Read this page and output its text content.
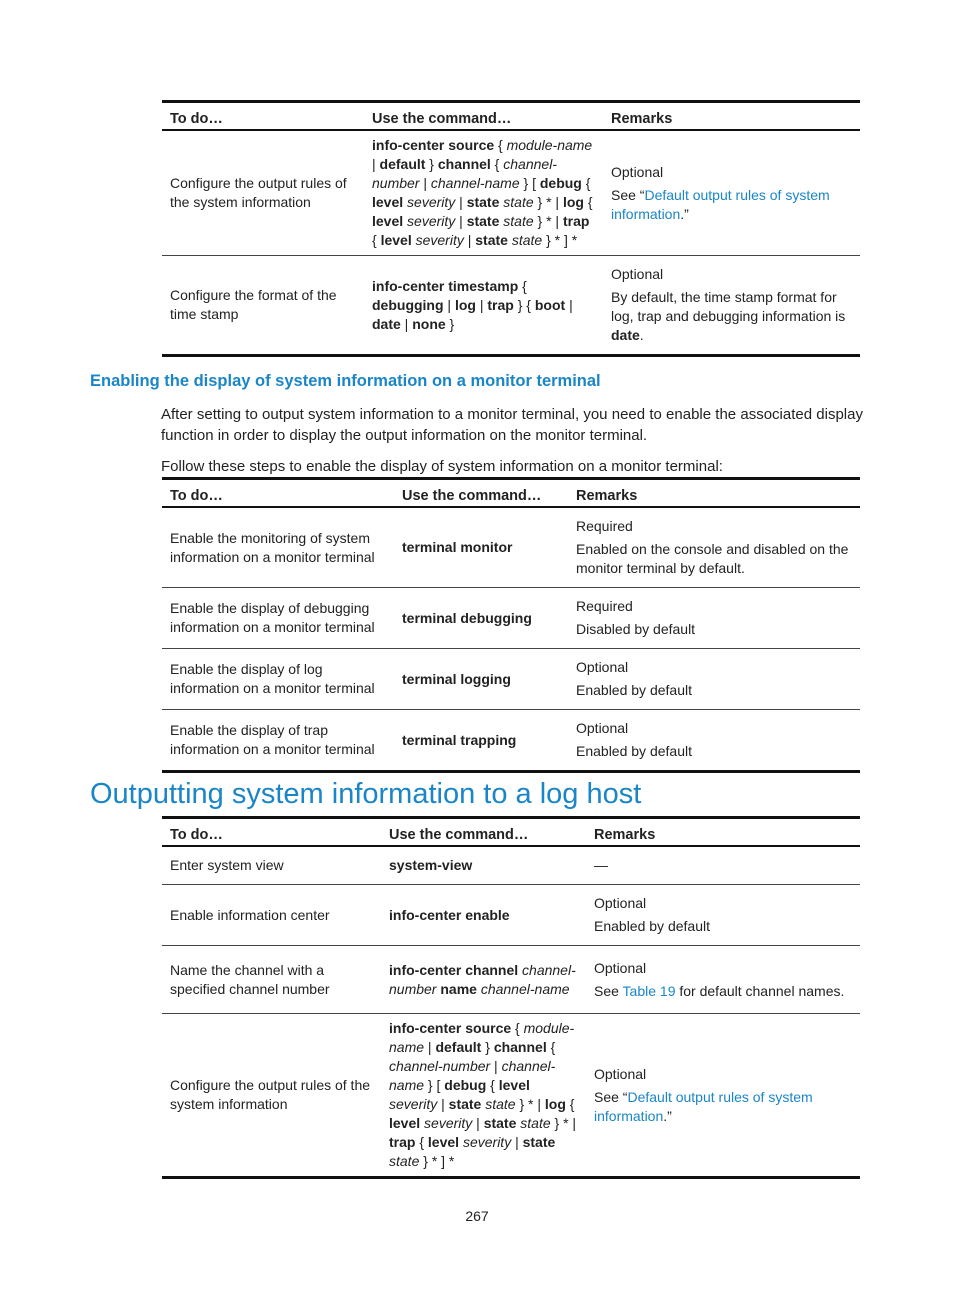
To do…	Use the command…	Remarks
Configure the output rules of the system information	info-center source { module-name | default } channel { channel-number | channel-name } [ debug { level severity | state state } * | log { level severity | state state } * | trap { level severity | state state } * ] *	Optional

See “Default output rules of system information.”

Configure the format of the time stamp	info-center timestamp { debugging | log | trap } { boot | date | none }	Optional

By default, the time stamp format for log, trap and debugging information is date.

Enabling the display of system information on a monitor terminal

After setting to output system information to a monitor terminal, you need to enable the associated display function in order to display the output information on the monitor terminal.

Follow these steps to enable the display of system information on a monitor terminal:

To do…	Use the command…	Remarks
Enable the monitoring of system information on a monitor terminal	terminal monitor	Required

Enabled on the console and disabled on the monitor terminal by default.

Enable the display of debugging information on a monitor terminal	terminal debugging	Required

Disabled by default

Enable the display of log information on a monitor terminal	terminal logging	Optional

Enabled by default

Enable the display of trap information on a monitor terminal	terminal trapping	Optional

Enabled by default

Outputting system information to a log host
To do…	Use the command…	Remarks
Enter system view	system-view	—

Enable information center	info-center enable	Optional

Enabled by default

Name the channel with a specified channel number	info-center channel channel-number name channel-name	Optional

See Table 19 for default channel names.

Configure the output rules of the system information	info-center source { module-name | default } channel { channel-number | channel-name } [ debug { level severity | state state } * | log { level severity | state state } * | trap { level severity | state state } * ] *	Optional

See “Default output rules of system information.”

267
